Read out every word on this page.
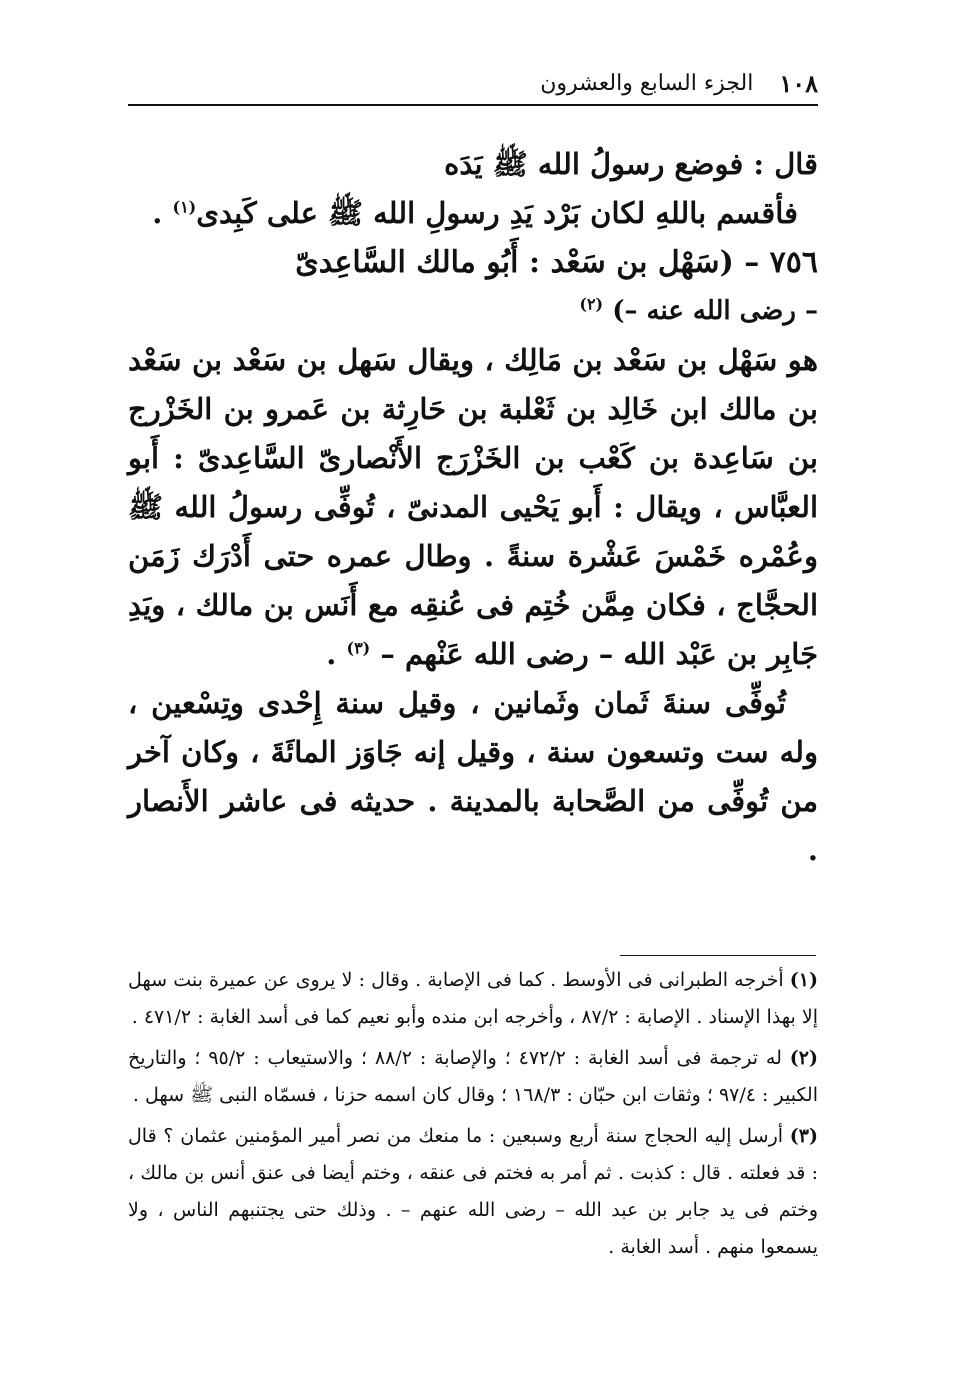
١٠٨
الجزء السابع والعشرون

قال : فوضع رسولُ الله ﷺ يَدَه

فأقسم باللهِ لكان بَرْد يَدِ رسولِ الله ﷺ على كَبِدى$^{(١)}$ .

٧٥٦ – (سَهْل بن سَعْد : أَبُو مالك السَّاعِدىّ

– رضى الله عنه –) $^{(٢)}$

هو سَهْل بن سَعْد بن مَالِك ، ويقال سَهل بن سَعْد بن سَعْد بن مالك ابن خَالِد بن ثَعْلبة بن حَارِثة بن عَمرو بن الخَزْرج بن سَاعِدة بن كَعْب بن الخَزْرَج الأَنْصارىّ السَّاعِدىّ : أَبو العبَّاس ، ويقال : أَبو يَحْيى المدنىّ ، تُوفِّى رسولُ الله ﷺ وعُمْره خَمْسَ عَشْرة سنةً . وطال عمره حتى أَدْرَك زَمَن الحجَّاج ، فكان مِمَّن خُتِم فى عُنقِه مع أَنَس بن مالك ، ويَدِ جَابِر بن عَبْد الله – رضى الله عَنْهم – $^{(٣)}$ .

تُوفِّى سنةَ ثَمان وثَمانين ، وقيل سنة إِحْدى وتِسْعين ، وله ست وتسعون سنة ، وقيل إنه جَاوَز المائَةَ ، وكان آخر من تُوفِّى من الصَّحابة بالمدينة . حديثه فى عاشر الأَنصار .

(١) أخرجه الطبرانى فى الأوسط . كما فى الإصابة . وقال : لا يروى عن عميرة بنت سهل إلا بهذا الإسناد . الإصابة : ٨٧/٢ ، وأخرجه ابن منده وأبو نعيم كما فى أسد الغابة : ٤٧١/٢ .

(٢) له ترجمة فى أسد الغابة : ٤٧٢/٢ ؛ والإصابة : ٨٨/٢ ؛ والاستيعاب : ٩٥/٢ ؛ والتاريخ الكبير : ٩٧/٤ ؛ وثقات ابن حبّان : ١٦٨/٣ ؛ وقال كان اسمه حزنا ، فسمّاه النبى ﷺ سهل .

(٣) أرسل إليه الحجاج سنة أربع وسبعين : ما منعك من نصر أمير المؤمنين عثمان ؟ قال : قد فعلته . قال : كذبت . ثم أمر به فختم فى عنقه ، وختم أيضا فى عنق أنس بن مالك ، وختم فى يد جابر بن عبد الله – رضى الله عنهم – . وذلك حتى يجتنبهم الناس ، ولا يسمعوا منهم . أسد الغابة .
